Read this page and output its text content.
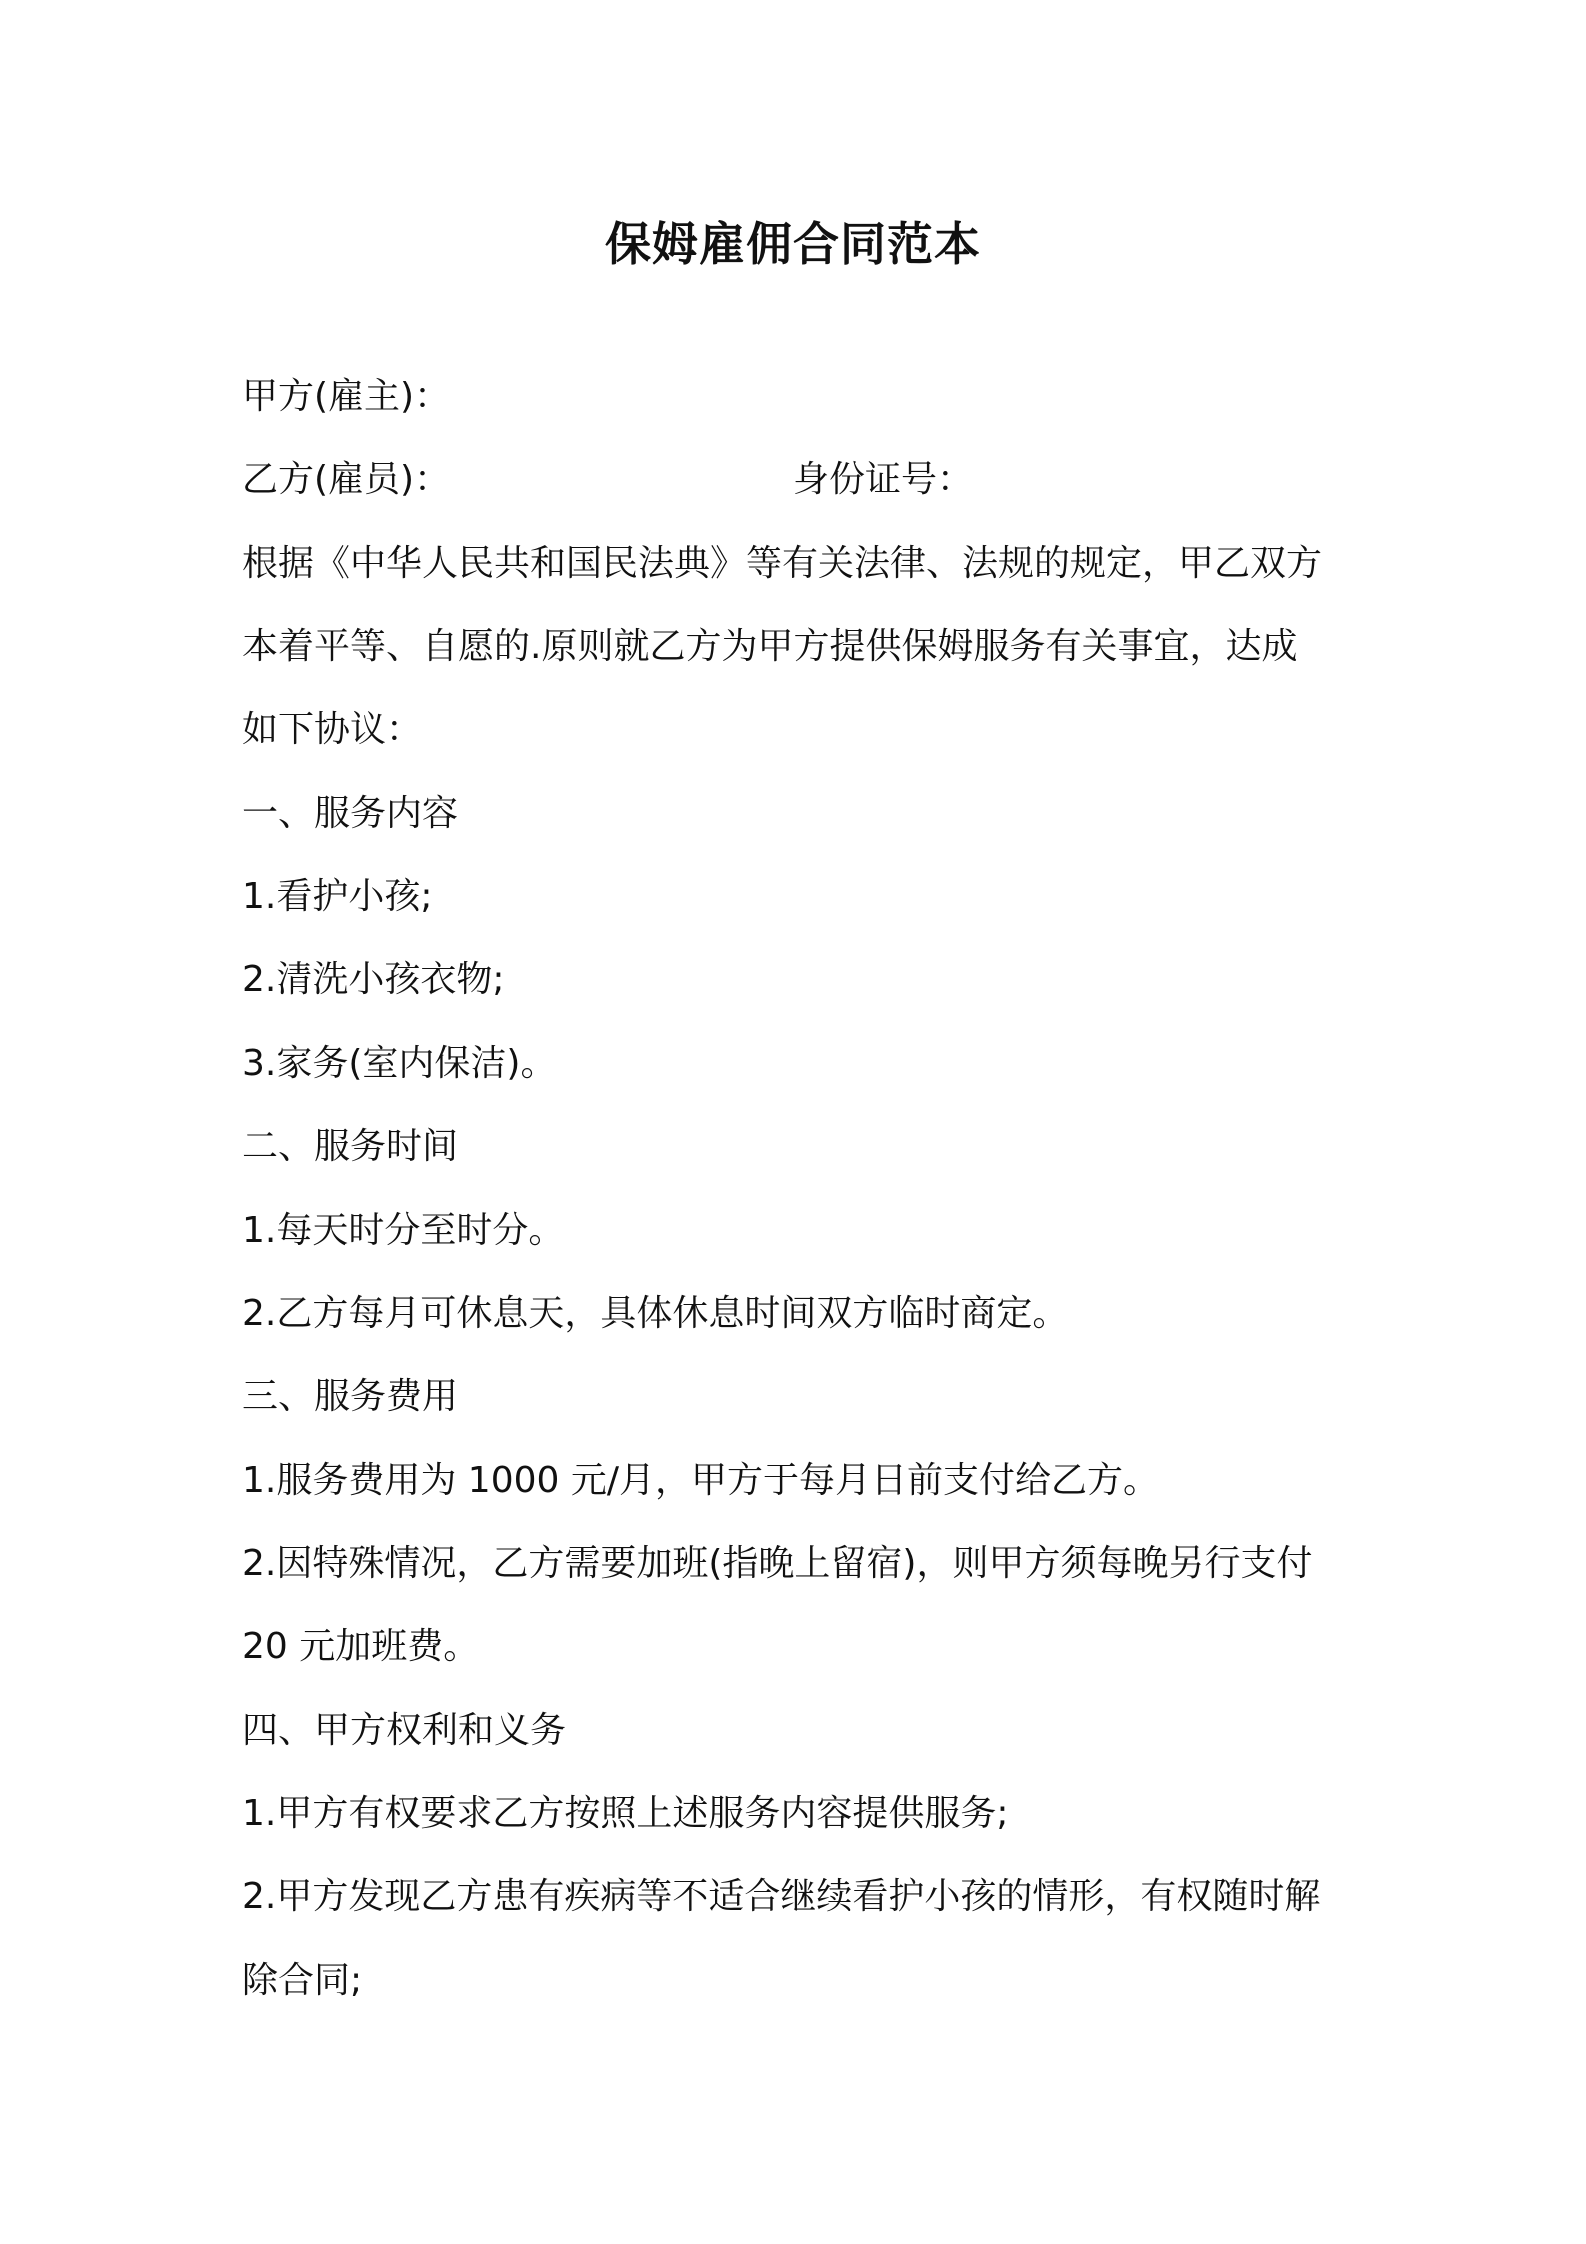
保姆雇佣合同范本
甲方(雇主)：
乙方(雇员)：	身份证号：
根据《中华人民共和国民法典》等有关法律、法规的规定，甲乙双方
本着平等、自愿的.原则就乙方为甲方提供保姆服务有关事宜，达成
如下协议：
一、服务内容
1.看护小孩;
2.清洗小孩衣物;
3.家务(室内保洁)。
二、服务时间
1.每天时分至时分。
2.乙方每月可休息天，具体休息时间双方临时商定。
三、服务费用
1.服务费用为 1000 元/月，甲方于每月日前支付给乙方。
2.因特殊情况，乙方需要加班(指晚上留宿)，则甲方须每晚另行支付
20 元加班费。
四、甲方权利和义务
1.甲方有权要求乙方按照上述服务内容提供服务;
2.甲方发现乙方患有疾病等不适合继续看护小孩的情形，有权随时解
除合同;
